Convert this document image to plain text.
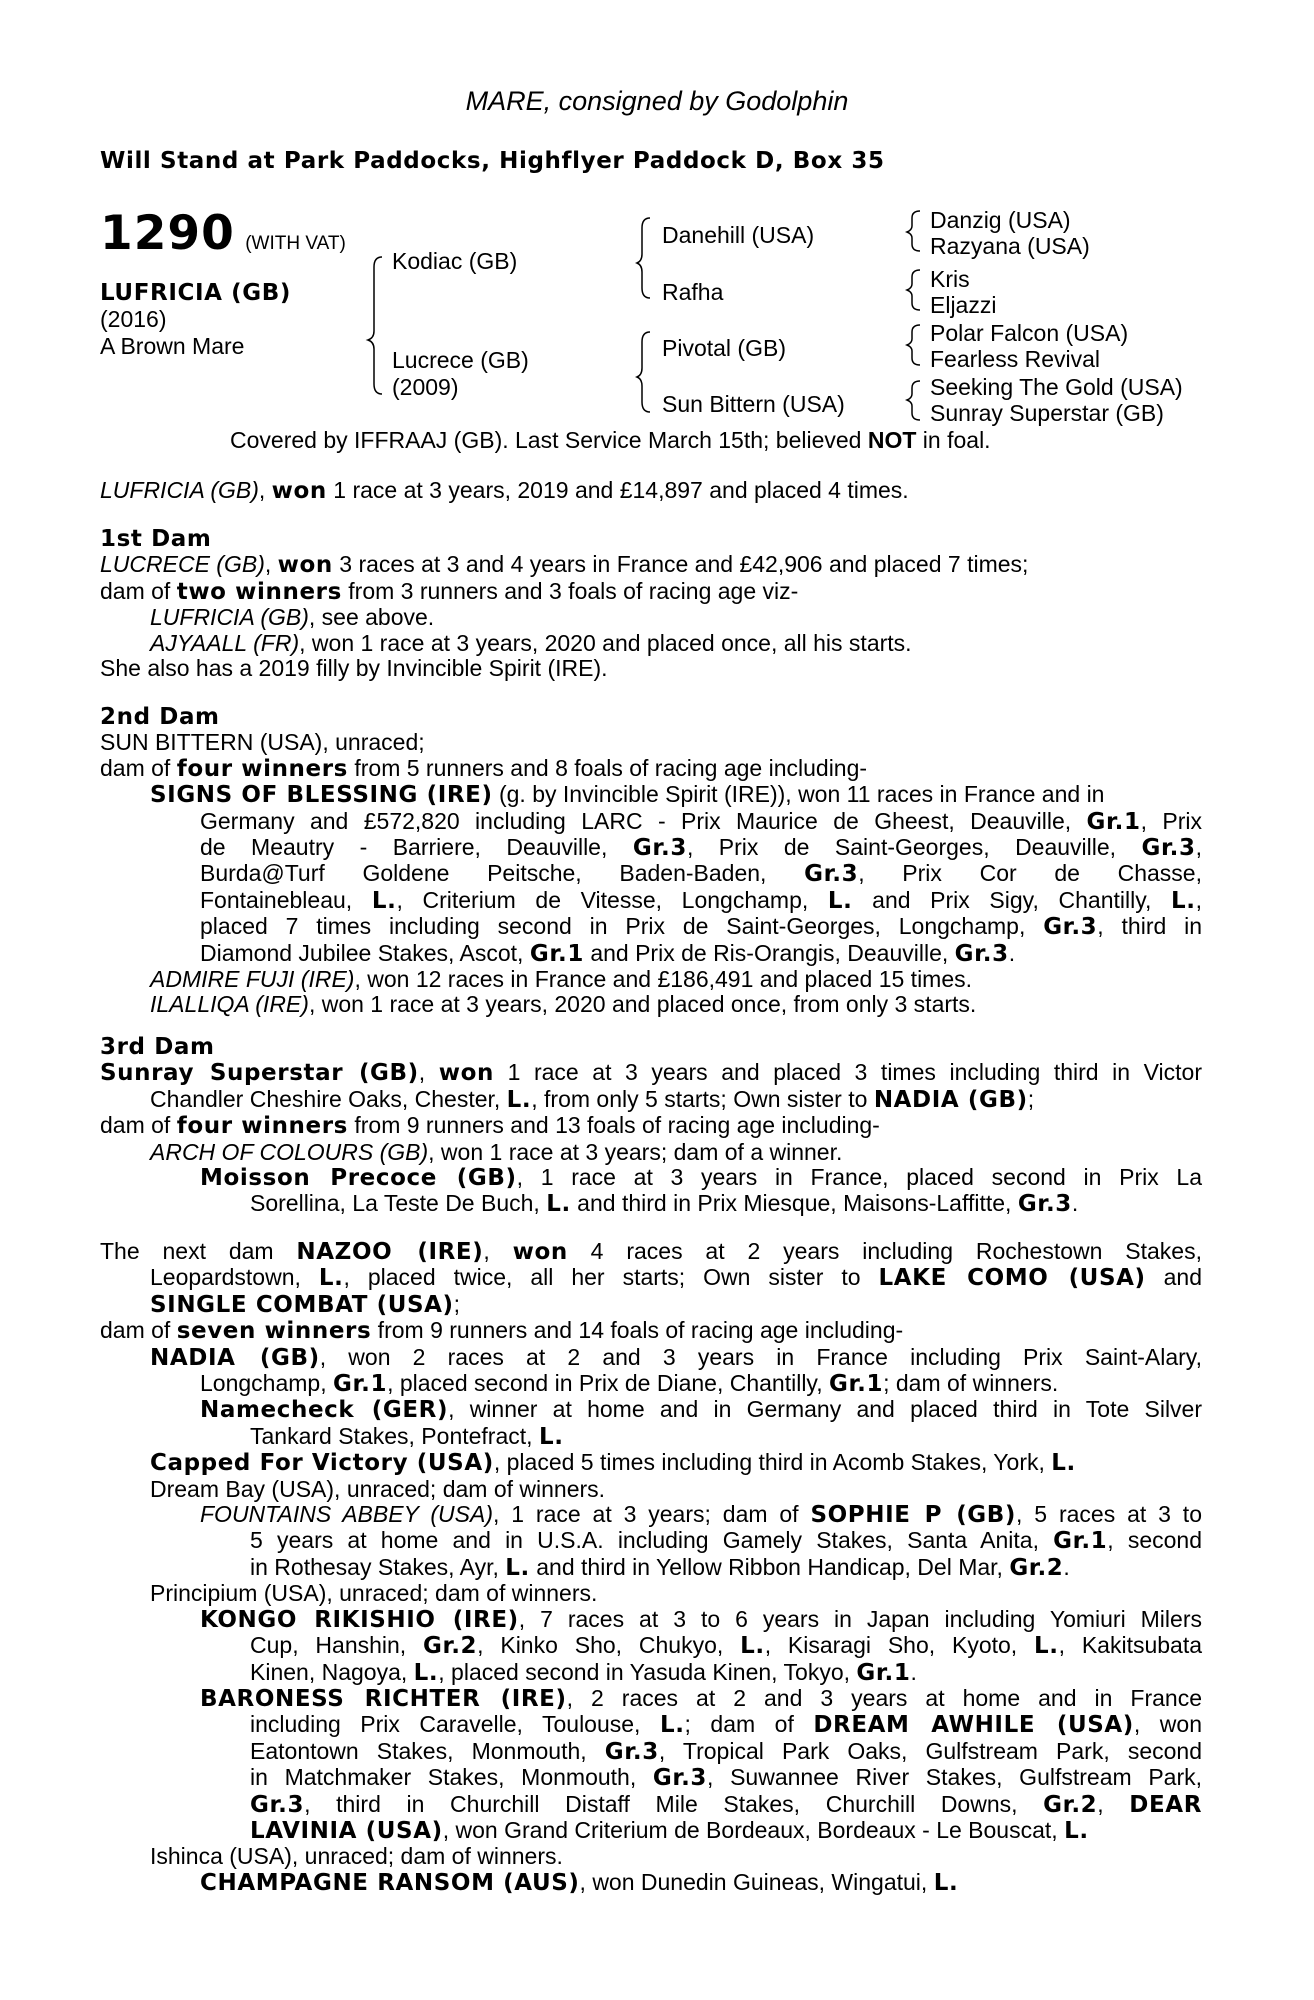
MARE, consigned by Godolphin
Will Stand at Park Paddocks, Highflyer Paddock D, Box 35
1290 (WITH VAT)
LUFRICIA (GB)
(2016)
A Brown Mare
Kodiac (GB)
Lucrece (GB)
(2009)
Danehill (USA)
Rafha
Pivotal (GB)
Sun Bittern (USA)
Danzig (USA)
Razyana (USA)
Kris
Eljazzi
Polar Falcon (USA)
Fearless Revival
Seeking The Gold (USA)
Sunray Superstar (GB)
Covered by IFFRAAJ (GB). Last Service March 15th; believed NOT in foal.
LUFRICIA (GB), won 1 race at 3 years, 2019 and £14,897 and placed 4 times.
1st Dam
LUCRECE (GB), won 3 races at 3 and 4 years in France and £42,906 and placed 7 times;
dam of two winners from 3 runners and 3 foals of racing age viz-
LUFRICIA (GB), see above.
AJYAALL (FR), won 1 race at 3 years, 2020 and placed once, all his starts.
She also has a 2019 filly by Invincible Spirit (IRE).
2nd Dam
SUN BITTERN (USA), unraced;
dam of four winners from 5 runners and 8 foals of racing age including-
SIGNS OF BLESSING (IRE) (g. by Invincible Spirit (IRE)), won 11 races in France and in
Germany and £572,820 including LARC - Prix Maurice de Gheest, Deauville, Gr.1, Prix
de Meautry - Barriere, Deauville, Gr.3, Prix de Saint-Georges, Deauville, Gr.3,
Burda@Turf Goldene Peitsche, Baden-Baden, Gr.3, Prix Cor de Chasse,
Fontainebleau, L., Criterium de Vitesse, Longchamp, L. and Prix Sigy, Chantilly, L.,
placed 7 times including second in Prix de Saint-Georges, Longchamp, Gr.3, third in
Diamond Jubilee Stakes, Ascot, Gr.1 and Prix de Ris-Orangis, Deauville, Gr.3.
ADMIRE FUJI (IRE), won 12 races in France and £186,491 and placed 15 times.
ILALLIQA (IRE), won 1 race at 3 years, 2020 and placed once, from only 3 starts.
3rd Dam
Sunray Superstar (GB), won 1 race at 3 years and placed 3 times including third in Victor
Chandler Cheshire Oaks, Chester, L., from only 5 starts; Own sister to NADIA (GB);
dam of four winners from 9 runners and 13 foals of racing age including-
ARCH OF COLOURS (GB), won 1 race at 3 years; dam of a winner.
Moisson Precoce (GB), 1 race at 3 years in France, placed second in Prix La
Sorellina, La Teste De Buch, L. and third in Prix Miesque, Maisons-Laffitte, Gr.3.
The next dam NAZOO (IRE), won 4 races at 2 years including Rochestown Stakes,
Leopardstown, L., placed twice, all her starts; Own sister to LAKE COMO (USA) and
SINGLE COMBAT (USA);
dam of seven winners from 9 runners and 14 foals of racing age including-
NADIA (GB), won 2 races at 2 and 3 years in France including Prix Saint-Alary,
Longchamp, Gr.1, placed second in Prix de Diane, Chantilly, Gr.1; dam of winners.
Namecheck (GER), winner at home and in Germany and placed third in Tote Silver
Tankard Stakes, Pontefract, L.
Capped For Victory (USA), placed 5 times including third in Acomb Stakes, York, L.
Dream Bay (USA), unraced; dam of winners.
FOUNTAINS ABBEY (USA), 1 race at 3 years; dam of SOPHIE P (GB), 5 races at 3 to
5 years at home and in U.S.A. including Gamely Stakes, Santa Anita, Gr.1, second
in Rothesay Stakes, Ayr, L. and third in Yellow Ribbon Handicap, Del Mar, Gr.2.
Principium (USA), unraced; dam of winners.
KONGO RIKISHIO (IRE), 7 races at 3 to 6 years in Japan including Yomiuri Milers
Cup, Hanshin, Gr.2, Kinko Sho, Chukyo, L., Kisaragi Sho, Kyoto, L., Kakitsubata
Kinen, Nagoya, L., placed second in Yasuda Kinen, Tokyo, Gr.1.
BARONESS RICHTER (IRE), 2 races at 2 and 3 years at home and in France
including Prix Caravelle, Toulouse, L.; dam of DREAM AWHILE (USA), won
Eatontown Stakes, Monmouth, Gr.3, Tropical Park Oaks, Gulfstream Park, second
in Matchmaker Stakes, Monmouth, Gr.3, Suwannee River Stakes, Gulfstream Park,
Gr.3, third in Churchill Distaff Mile Stakes, Churchill Downs, Gr.2, DEAR
LAVINIA (USA), won Grand Criterium de Bordeaux, Bordeaux - Le Bouscat, L.
Ishinca (USA), unraced; dam of winners.
CHAMPAGNE RANSOM (AUS), won Dunedin Guineas, Wingatui, L.
